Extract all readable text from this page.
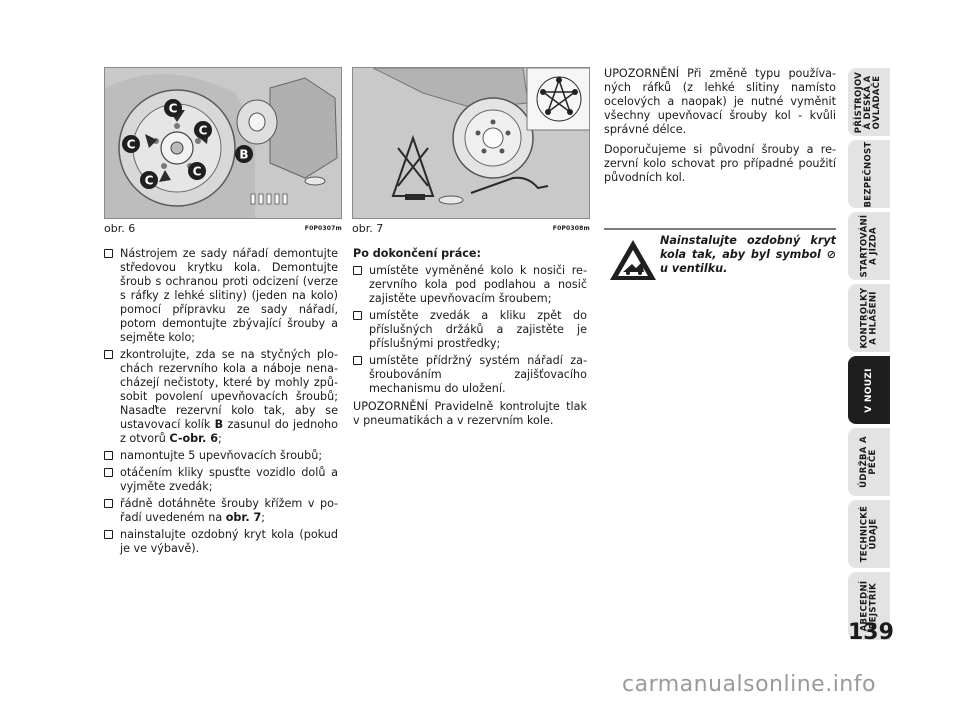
C
C
C
C
C
B
obr. 6	F0P0307m obr. 7	F0P0308m
Nástrojem ze sady nářadí demontujte středovou krytku kola. Demontujte šroub s ochranou proti odcizení (verze s ráfky z lehké slitiny) (jeden na kolo) pomocí přípravku ze sady nářadí, potom demontujte zbývající šrouby a sejměte kolo;
zkontrolujte, zda se na styčných plochách rezervního kola a náboje nenacházejí nečistoty, které by mohly způsobit povolení upevňovacích šroubů; Nasaďte rezervní kolo tak, aby se ustavovací kolík B zasunul do jednoho z otvorů C-obr. 6;
namontujte 5 upevňovacích šroubů;
otáčením kliky spusťte vozidlo dolů a vyjměte zvedák;
řádně dotáhněte šrouby křížem v pořadí uvedeném na obr. 7;
nainstalujte ozdobný kryt kola (pokud je ve výbavě).

Po dokončení práce:

umístěte vyměněné kolo k nosiči rezervního kola pod podlahou a nosič zajistěte upevňovacím šroubem;
umístěte zvedák a kliku zpět do příslušných držáků a zajistěte je příslušnými prostředky;
umístěte přídržný systém nářadí zašroubováním zajišťovacího mechanismu do uložení.

UPOZORNĚNÍ Pravidelně kontrolujte tlak v pneumatikách a v rezervním kole.

UPOZORNĚNÍ Při změně typu používaných ráfků (z lehké slitiny namísto ocelových a naopak) je nutné vyměnit všechny upevňovací šrouby kol - kvůli správné délce.

Doporučujeme si původní šrouby a rezervní kolo schovat pro případné použití původních kol.

Nainstalujte ozdobný kryt kola tak, aby byl symbol ⊘ u ventilku.
PŘÍSTROJOV
Á DESKA A
OVLADAČE
BEZPEČNOST
STARTOVÁNÍ
A JÍZDA
KONTROLKY
A HLÁŠENÍ
V NOUZI
ÚDRŽBA A
PÉČE
TECHNICKÉ
ÚDAJE
ABECEDNÍ
REJSTŘÍK
139
carmanualsonline.info
